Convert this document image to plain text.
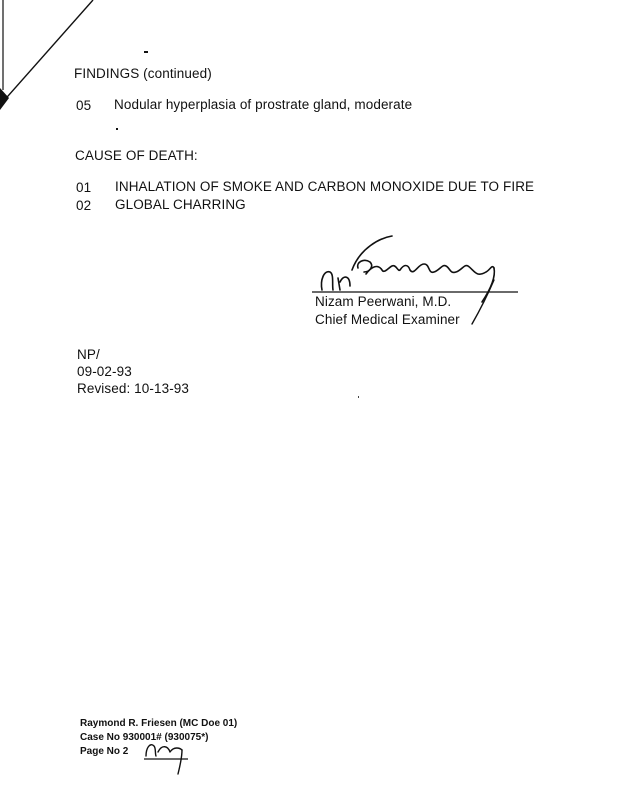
FINDINGS (continued)
05	Nodular hyperplasia of prostrate gland, moderate
CAUSE OF DEATH:
01	INHALATION OF SMOKE AND CARBON MONOXIDE DUE TO FIRE
02	GLOBAL CHARRING
Nizam Peerwani, M.D.
Chief Medical Examiner
NP/
09-02-93
Revised: 10-13-93
Raymond R. Friesen (MC Doe 01)
Case No 930001# (930075*)
Page No 2
